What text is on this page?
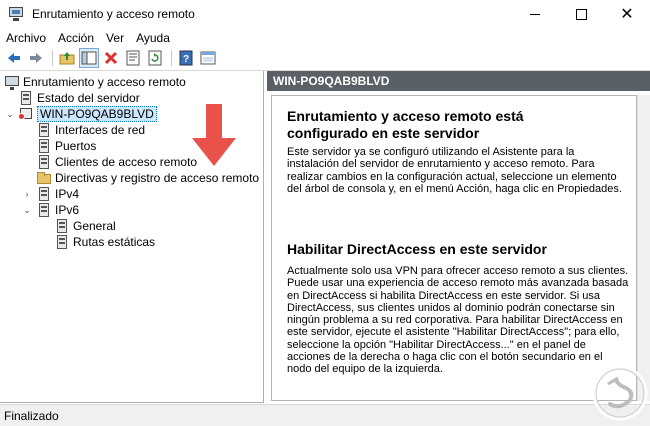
Enrutamiento y acceso remoto	✕
Archivo	Acción	Ver	Ayuda
?
Enrutamiento y acceso remoto
Estado del servidor
⌄ WIN-PO9QAB9BLVD
Interfaces de red
Puertos
Clientes de acceso remoto
Directivas y registro de acceso remoto
› IPv4
⌄ IPv6
General
Rutas estáticas
WIN-PO9QAB9BLVD
Enrutamiento y acceso remoto está
configurado en este servidor
Este servidor ya se configuró utilizando el Asistente para la
instalación del servidor de enrutamiento y acceso remoto. Para
realizar cambios en la configuración actual, seleccione un elemento
del árbol de consola y, en el menú Acción, haga clic en Propiedades.
Habilitar DirectAccess en este servidor
Actualmente solo usa VPN para ofrecer acceso remoto a sus clientes.
Puede usar una experiencia de acceso remoto más avanzada basada
en DirectAccess si habilita DirectAccess en este servidor. Si usa
DirectAccess, sus clientes unidos al dominio podrán conectarse sin
ningún problema a su red corporativa. Para habilitar DirectAccess en
este servidor, ejecute el asistente "Habilitar DirectAccess"; para ello,
seleccione la opción "Habilitar DirectAccess..." en el panel de
acciones de la derecha o haga clic con el botón secundario en el
nodo del equipo de la izquierda.
Finalizado
